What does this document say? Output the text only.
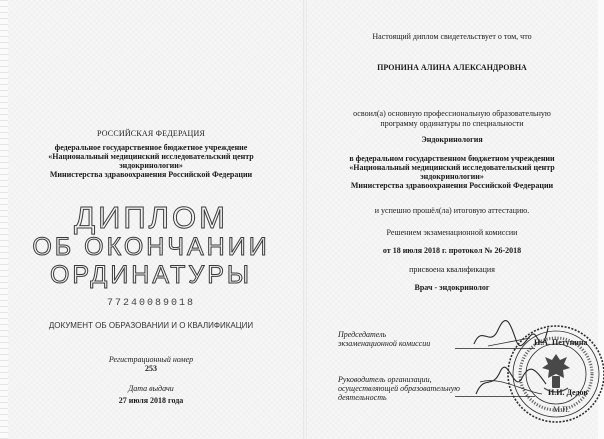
РОССИЙСКАЯ ФЕДЕРАЦИЯ
федеральное государственное бюджетное учреждение
«Национальный медицинский исследовательский центр
эндокринологии»
Министерства здравоохранения Российской Федерации
ДИПЛОМ
ОБ ОКОНЧАНИИ
ОРДИНАТУРЫ
77240089018
ДОКУМЕНТ ОБ ОБРАЗОВАНИИ И О КВАЛИФИКАЦИИ
Регистрационный номер
253
Дата выдачи
27 июля 2018 года
Настоящий диплом свидетельствует о том, что
ПРОНИНА АЛИНА АЛЕКСАНДРОВНА
освоил(а) основную профессиональную образовательную
программу ординатуры по специальности
Эндокринология
в федеральном государственном бюджетном учреждении
«Национальный медицинский исследовательский центр
эндокринологии»
Министерства здравоохранения Российской Федерации
и успешно прошёл(ла) итоговую аттестацию.
Решением экзаменационной комиссии
от 18 июля 2018 г. протокол № 26-2018
присвоена квалификация
Врач - эндокринолог
Председатель
экзаменационной комиссии	Н.А. Петунина
Руководитель организации,
осуществляющей образовательную
деятельность
И.И. Дедов
М.П.
